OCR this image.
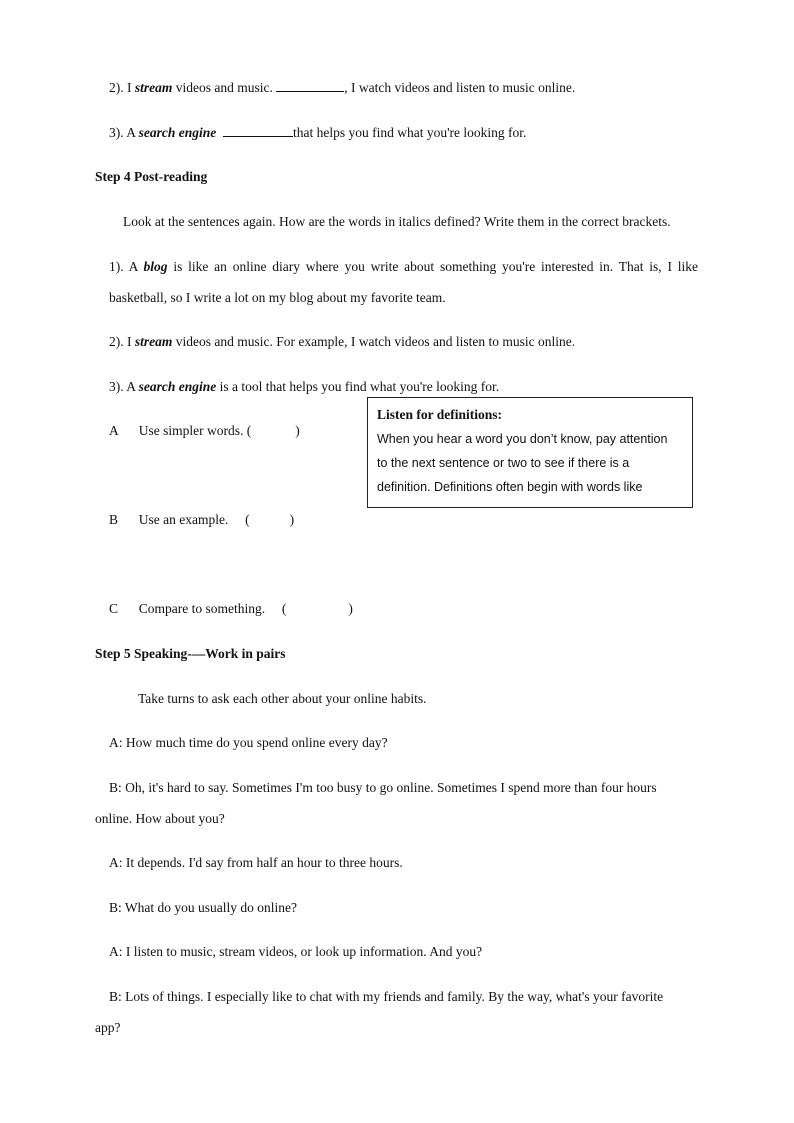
2). I stream videos and music.	, I watch videos and listen to music online.
3). A search engine	that helps you find what you're looking for.
Step 4 Post-reading
Look at the sentences again. How are the words in italics defined? Write them in the correct brackets.
1). A blog is like an online diary where you write about something you're interested in. That is, I like
basketball, so I write a lot on my blog about my favorite team.
2). I stream videos and music. For example, I watch videos and listen to music online.
3). A search engine is a tool that helps you find what you're looking for.
A Use simpler words. (	)
B Use an example. (	)
C Compare to something. (	)
Listen for definitions:
When you hear a word you don’t know, pay attention
to the next sentence or two to see if there is a
definition. Definitions often begin with words like
Step 5 Speaking-—Work in pairs
Take turns to ask each other about your online habits.
A: How much time do you spend online every day?
B: Oh, it's hard to say. Sometimes I'm too busy to go online. Sometimes I spend more than four hours
online. How about you?
A: It depends. I'd say from half an hour to three hours.
B: What do you usually do online?
A: I listen to music, stream videos, or look up information. And you?
B: Lots of things. I especially like to chat with my friends and family. By the way, what's your favorite
app?
